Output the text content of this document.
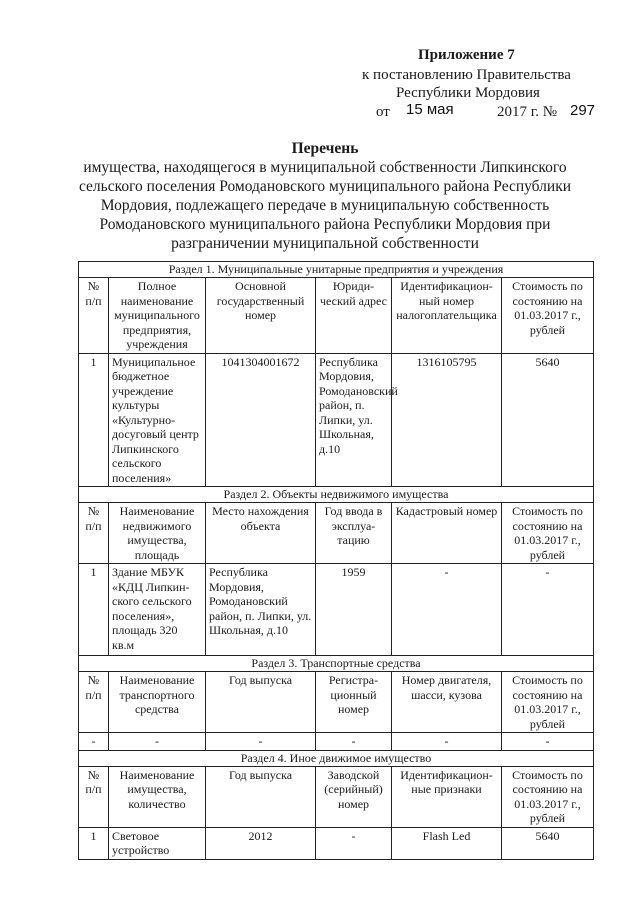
Приложение 7
к постановлению Правительства
Республики Мордовия
от 15 мая	2017 г. № 297
Перечень
имущества, находящегося в муниципальной собственности Липкинского
сельского поселения Ромодановского муниципального района Республики
Мордовия, подлежащего передаче в муниципальную собственность
Ромодановского муниципального района Республики Мордовия при
разграничении муниципальной собственности
Раздел 1. Муниципальные унитарные предприятия и учреждения					
№ п/п	Полное наименование муниципального предприятия, учреждения	Основной государственный номер	Юриди-ческий адрес	Идентификацион-ный номер налогоплательщика	Стоимость по состоянию на 01.03.2017 г., рублей
1	Муниципальное бюджетное учреждение культуры «Культурно-досуговый центр Липкинского сельского поселения»	1041304001672	Республика Мордовия, Ромодановский район, п. Липки, ул. Школьная, д.10	1316105795	5640
Раздел 2. Объекты недвижимого имущества					
№ п/п	Наименование недвижимого имущества, площадь	Место нахождения объекта	Год ввода в эксплуа-тацию	Кадастровый номер	Стоимость по состоянию на 01.03.2017 г., рублей
1	Здание МБУК «КДЦ Липкин-ского сельского поселения», площадь 320 кв.м	Республика Мордовия, Ромодановский район, п. Липки, ул. Школьная, д.10	1959	-	-
Раздел 3. Транспортные средства					
№ п/п	Наименование транспортного средства	Год выпуска	Регистра-ционный номер	Номер двигателя, шасси, кузова	Стоимость по состоянию на 01.03.2017 г., рублей
-	-	-	-	-	-
Раздел 4. Иное движимое имущество					
№ п/п	Наименование имущества, количество	Год выпуска	Заводской (серийный) номер	Идентификацион-ные признаки	Стоимость по состоянию на 01.03.2017 г., рублей
1	Световое устройство	2012	-	Flash Led	5640
